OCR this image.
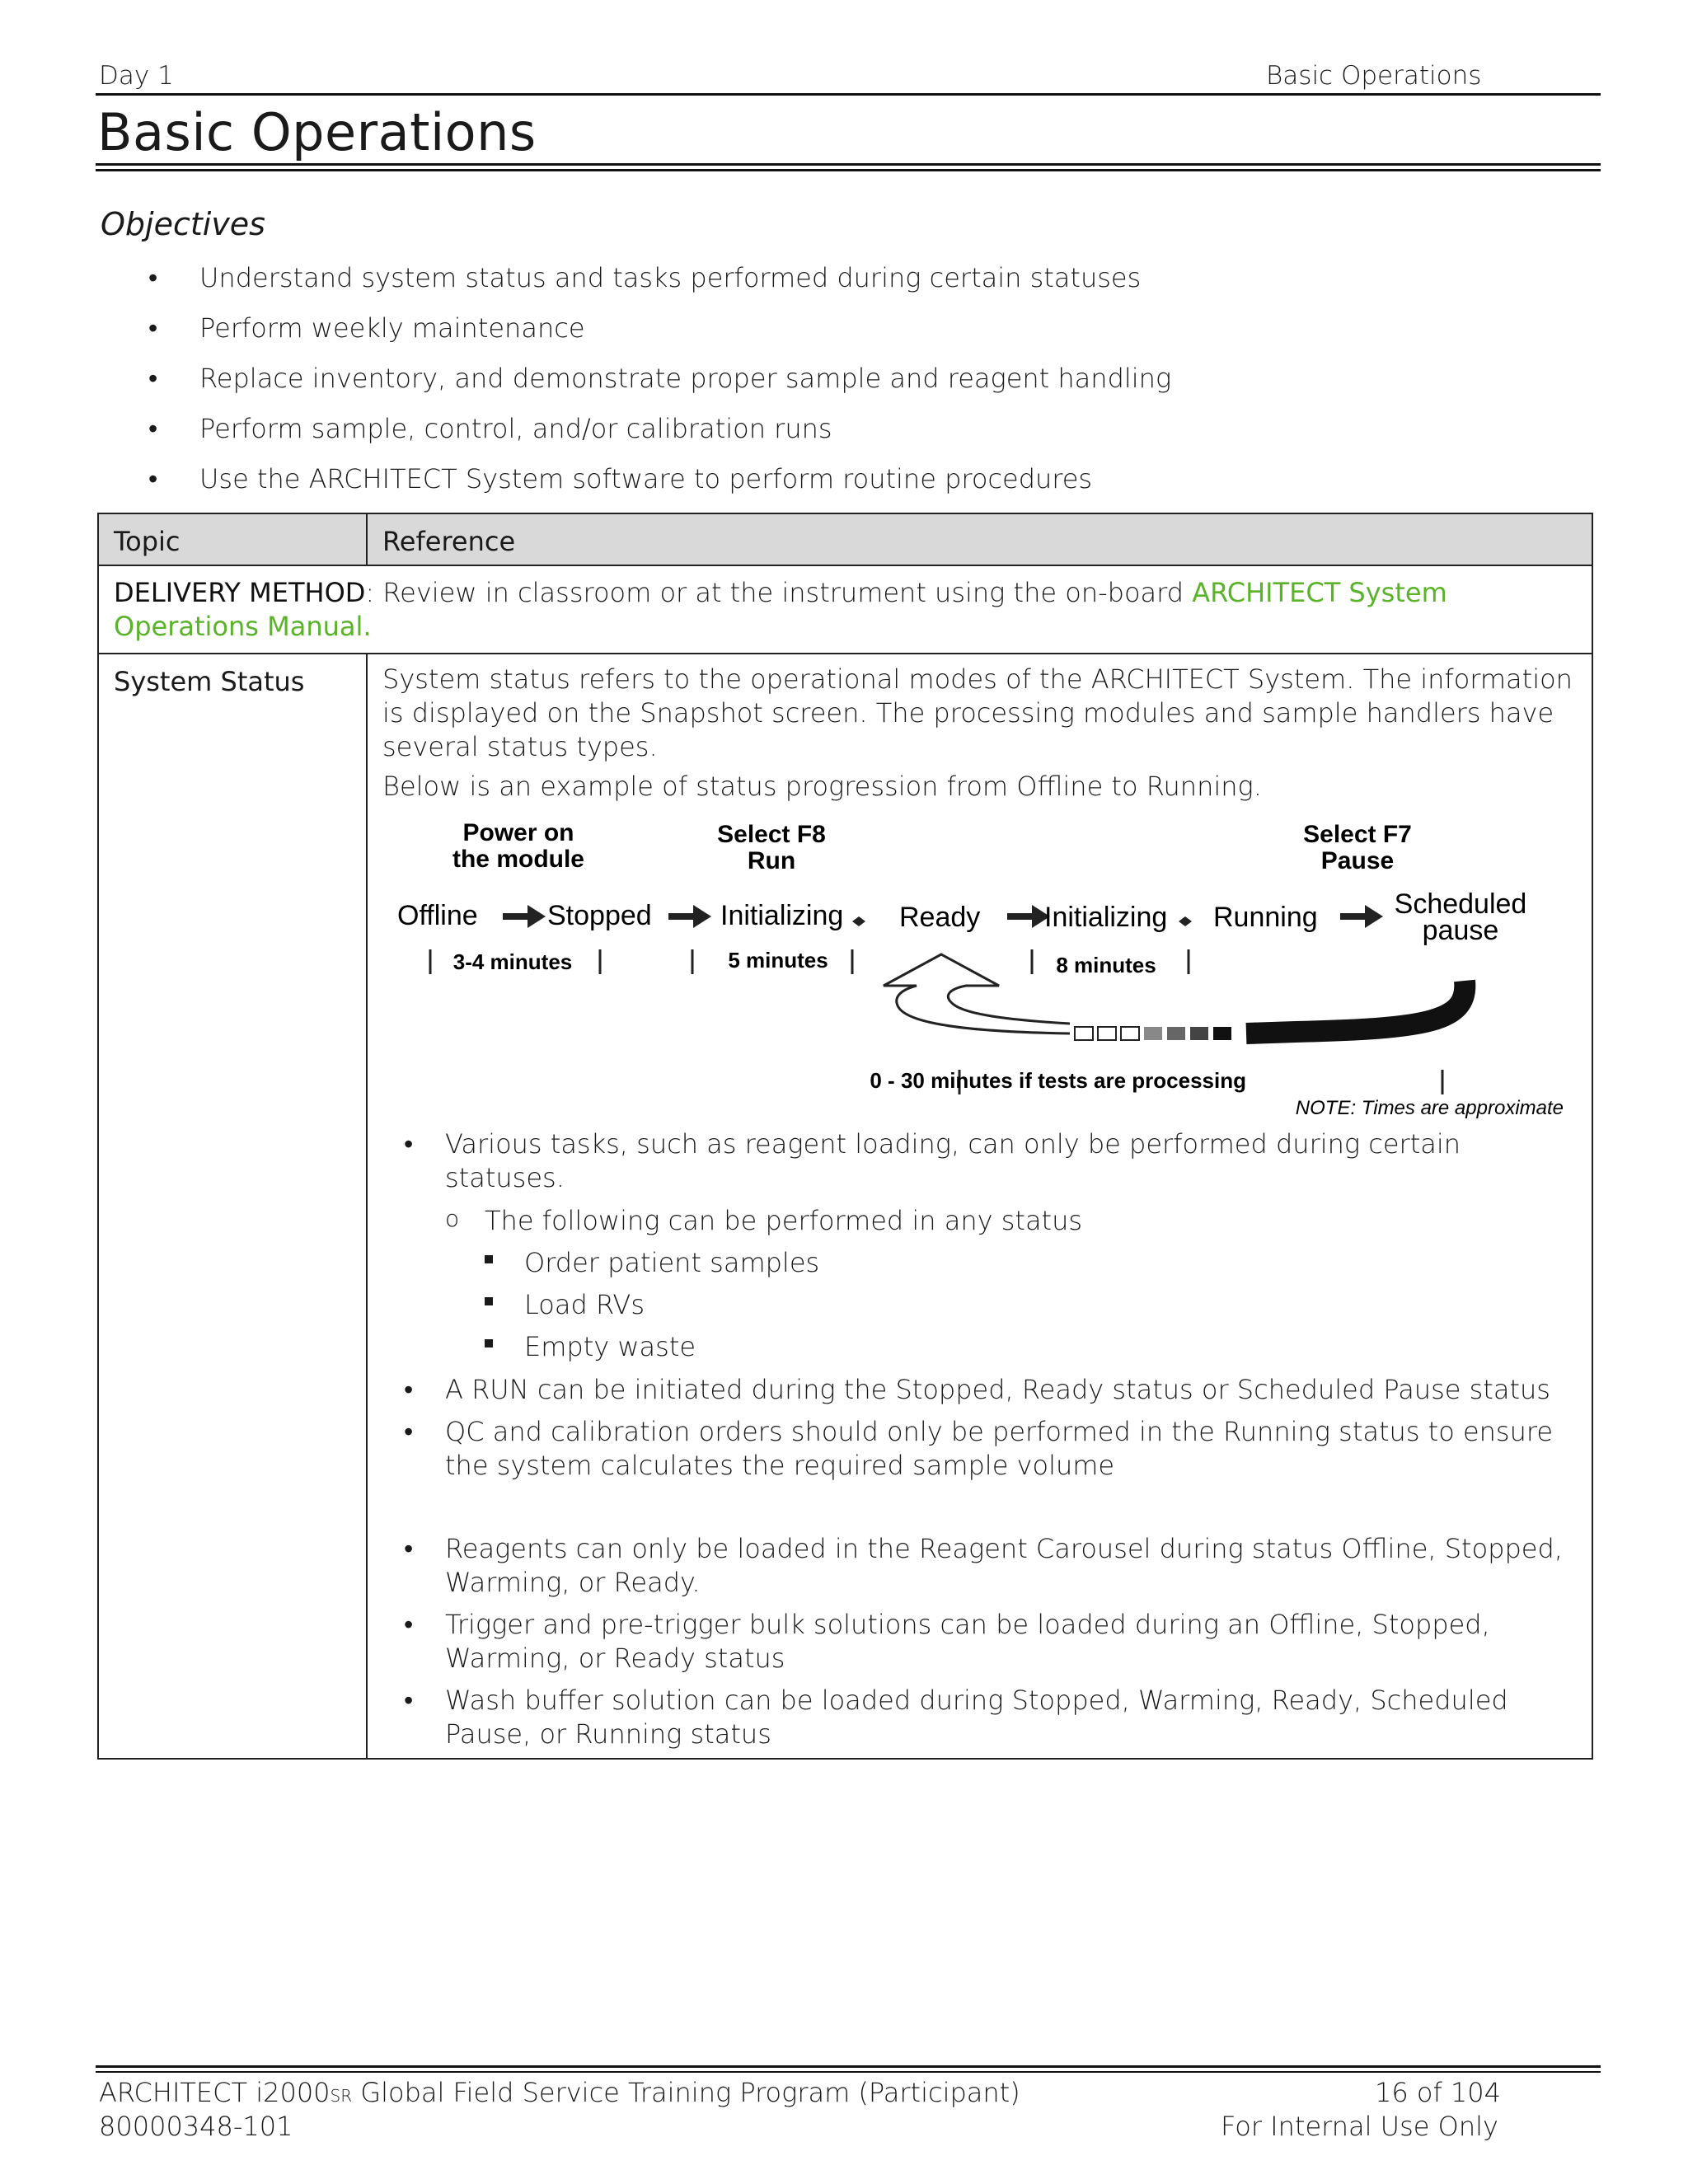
Day 1	Basic Operations
Basic Operations
Objectives
• Understand system status and tasks performed during certain statuses
• Perform weekly maintenance
• Replace inventory, and demonstrate proper sample and reagent handling
• Perform sample, control, and/or calibration runs
• Use the ARCHITECT System software to perform routine procedures
Topic	Reference
DELIVERY METHOD: Review in classroom or at the instrument using the on-board ARCHITECT System Operations Manual.
System Status	System status refers to the operational modes of the ARCHITECT System. The information is displayed on the Snapshot screen. The processing modules and sample handlers have several status types.
Below is an example of status progression from Offline to Running.
• Various tasks, such as reagent loading, can only be performed during certain statuses.
o The following can be performed in any status
Order patient samples
Load RVs
Empty waste
• A RUN can be initiated during the Stopped, Ready status or Scheduled Pause status
• QC and calibration orders should only be performed in the Running status to ensure the system calculates the required sample volume
• Reagents can only be loaded in the Reagent Carousel during status Offline, Stopped, Warming, or Ready.
• Trigger and pre-trigger bulk solutions can be loaded during an Offline, Stopped, Warming, or Ready status
• Wash buffer solution can be loaded during Stopped, Warming, Ready, Scheduled Pause, or Running status
Power on
the module
Select F8
Run
Select F7
Pause
Offline Stopped Initializing Ready Initializing Running	Scheduled
pause
3-4 minutes	5 minutes	8 minutes
0 - 30 minutes if tests are processing
NOTE: Times are approximate
ARCHITECT i2000SR Global Field Service Training Program (Participant)
80000348-101
16 of 104
For Internal Use Only
